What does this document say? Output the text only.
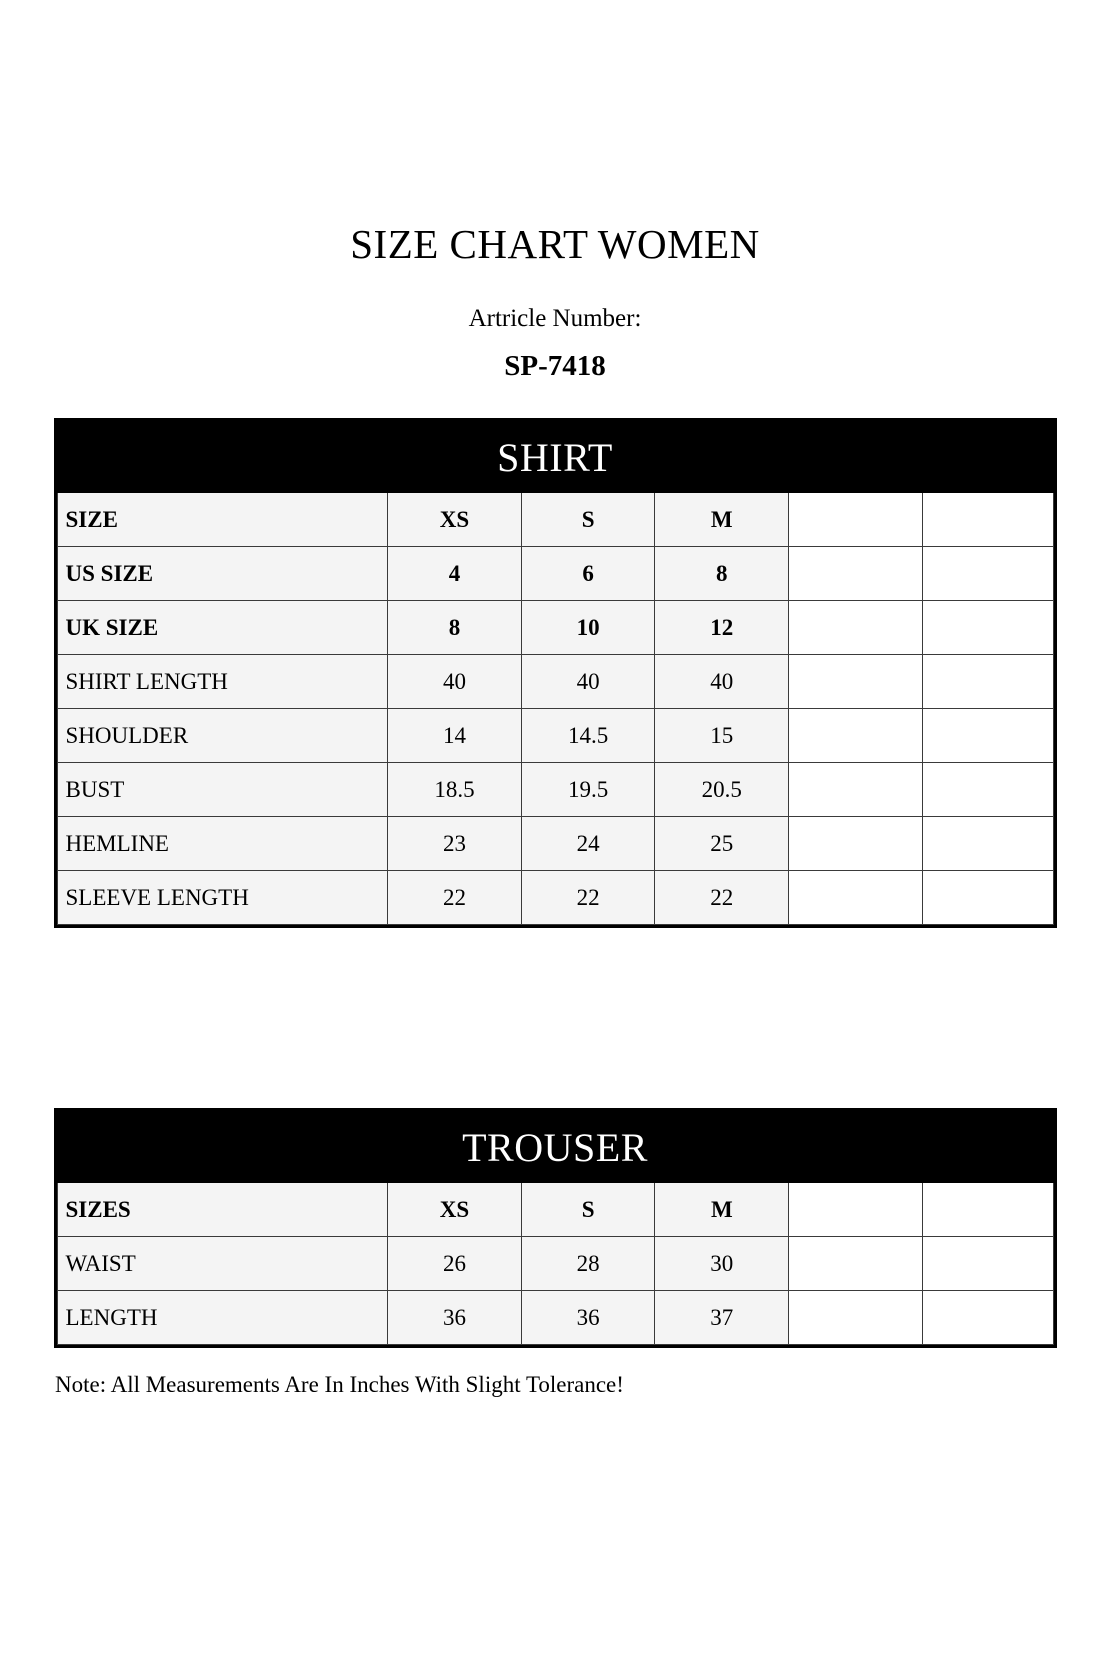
SIZE CHART WOMEN
Artricle Number:
SP-7418
SHIRT					
SIZE	XS	S	M		
US SIZE	4	6	8		
UK SIZE	8	10	12		
SHIRT LENGTH	40	40	40		
SHOULDER	14	14.5	15		
BUST	18.5	19.5	20.5		
HEMLINE	23	24	25		
SLEEVE LENGTH	22	22	22		
TROUSER					
SIZES	XS	S	M		
WAIST	26	28	30		
LENGTH	36	36	37		
Note: All Measurements Are In Inches With Slight Tolerance!
